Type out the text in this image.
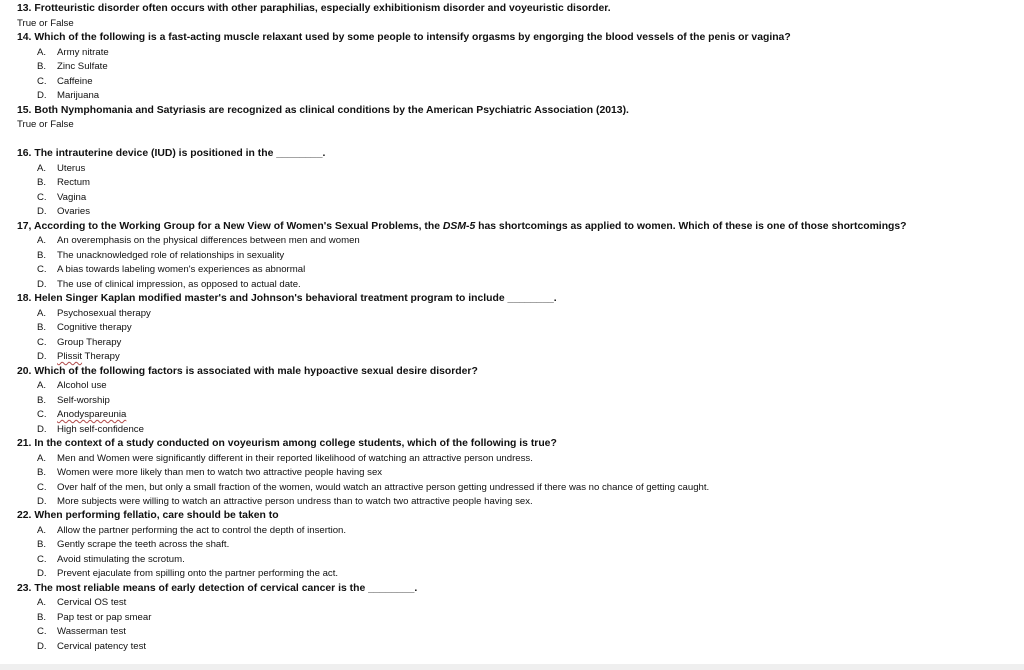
13. Frotteuristic disorder often occurs with other paraphilias, especially exhibitionism disorder and voyeuristic disorder.
True or False
14. Which of the following is a fast-acting muscle relaxant used by some people to intensify orgasms by engorging the blood vessels of the penis or vagina?
A. Army nitrate
B. Zinc Sulfate
C. Caffeine
D. Marijuana
15. Both Nymphomania and Satyriasis are recognized as clinical conditions by the American Psychiatric Association (2013).
True or False
16. The intrauterine device (IUD) is positioned in the ________.
A. Uterus
B. Rectum
C. Vagina
D. Ovaries
17, According to the Working Group for a New View of Women's Sexual Problems, the DSM-5 has shortcomings as applied to women. Which of these is one of those shortcomings?
A. An overemphasis on the physical differences between men and women
B. The unacknowledged role of relationships in sexuality
C. A bias towards labeling women's experiences as abnormal
D. The use of clinical impression, as opposed to actual date.
18. Helen Singer Kaplan modified master's and Johnson's behavioral treatment program to include ________.
A. Psychosexual therapy
B. Cognitive therapy
C. Group Therapy
D. Plissit Therapy
20. Which of the following factors is associated with male hypoactive sexual desire disorder?
A. Alcohol use
B. Self-worship
C. Anodyspareunia
D. High self-confidence
21. In the context of a study conducted on voyeurism among college students, which of the following is true?
A. Men and Women were significantly different in their reported likelihood of watching an attractive person undress.
B. Women were more likely than men to watch two attractive people having sex
C. Over half of the men, but only a small fraction of the women, would watch an attractive person getting undressed if there was no chance of getting caught.
D. More subjects were willing to watch an attractive person undress than to watch two attractive people having sex.
22. When performing fellatio, care should be taken to
A. Allow the partner performing the act to control the depth of insertion.
B. Gently scrape the teeth across the shaft.
C. Avoid stimulating the scrotum.
D. Prevent ejaculate from spilling onto the partner performing the act.
23. The most reliable means of early detection of cervical cancer is the ________.
A. Cervical OS test
B. Pap test or pap smear
C. Wasserman test
D. Cervical patency test
